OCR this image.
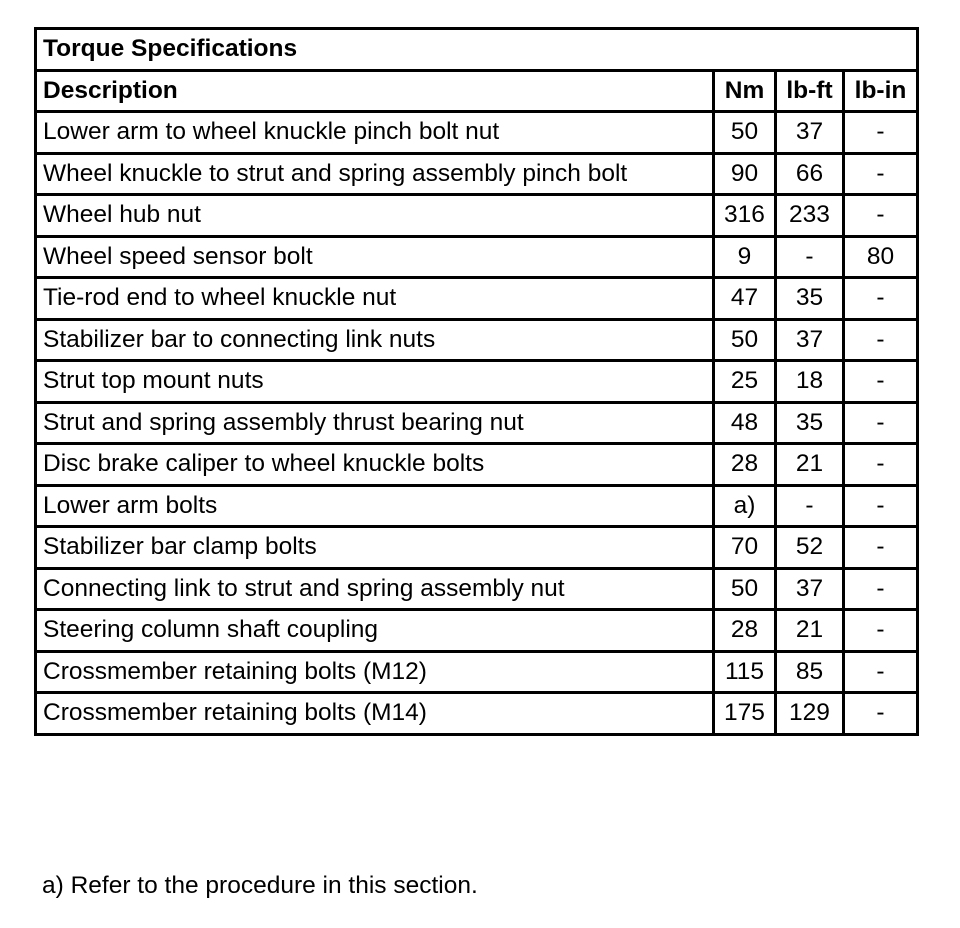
Torque Specifications			
Description	Nm	lb-ft	lb-in
Lower arm to wheel knuckle pinch bolt nut	50	37	-
Wheel knuckle to strut and spring assembly pinch bolt	90	66	-
Wheel hub nut	316	233	-
Wheel speed sensor bolt	9	-	80
Tie-rod end to wheel knuckle nut	47	35	-
Stabilizer bar to connecting link nuts	50	37	-
Strut top mount nuts	25	18	-
Strut and spring assembly thrust bearing nut	48	35	-
Disc brake caliper to wheel knuckle bolts	28	21	-
Lower arm bolts	a)	-	-
Stabilizer bar clamp bolts	70	52	-
Connecting link to strut and spring assembly nut	50	37	-
Steering column shaft coupling	28	21	-
Crossmember retaining bolts (M12)	115	85	-
Crossmember retaining bolts (M14)	175	129	-

a) Refer to the procedure in this section.
